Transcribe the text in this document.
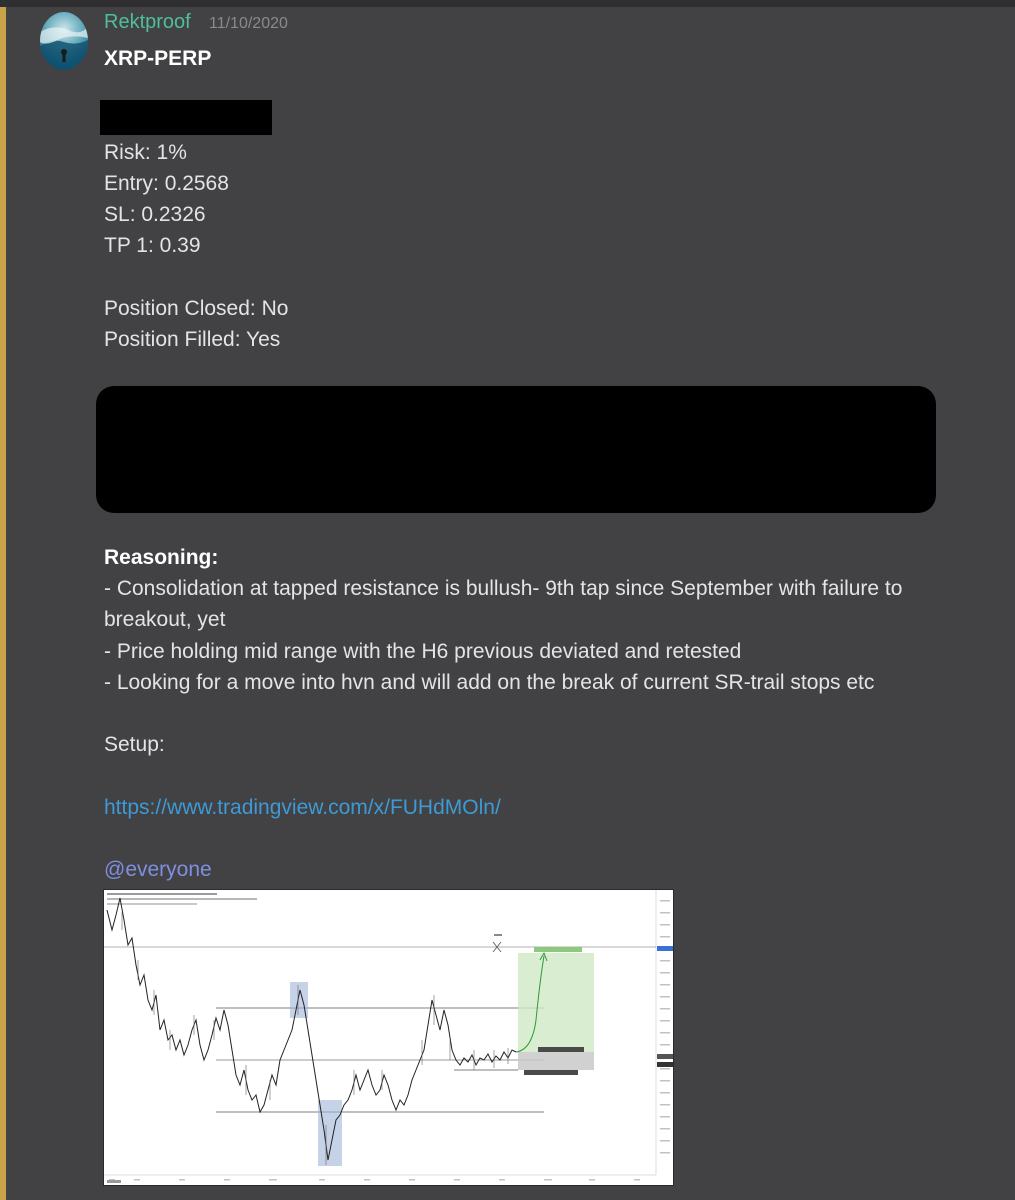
Rektproof 11/10/2020
XRP-PERP
Risk: 1%
Entry: 0.2568
SL: 0.2326
TP 1: 0.39
Position Closed: No
Position Filled: Yes
Reasoning:
- Consolidation at tapped resistance is bullush- 9th tap since September with failure to
breakout, yet
- Price holding mid range with the H6 previous deviated and retested
- Looking for a move into hvn and will add on the break of current SR-trail stops etc
Setup:
https://www.tradingview.com/x/FUHdMOln/
@everyone
